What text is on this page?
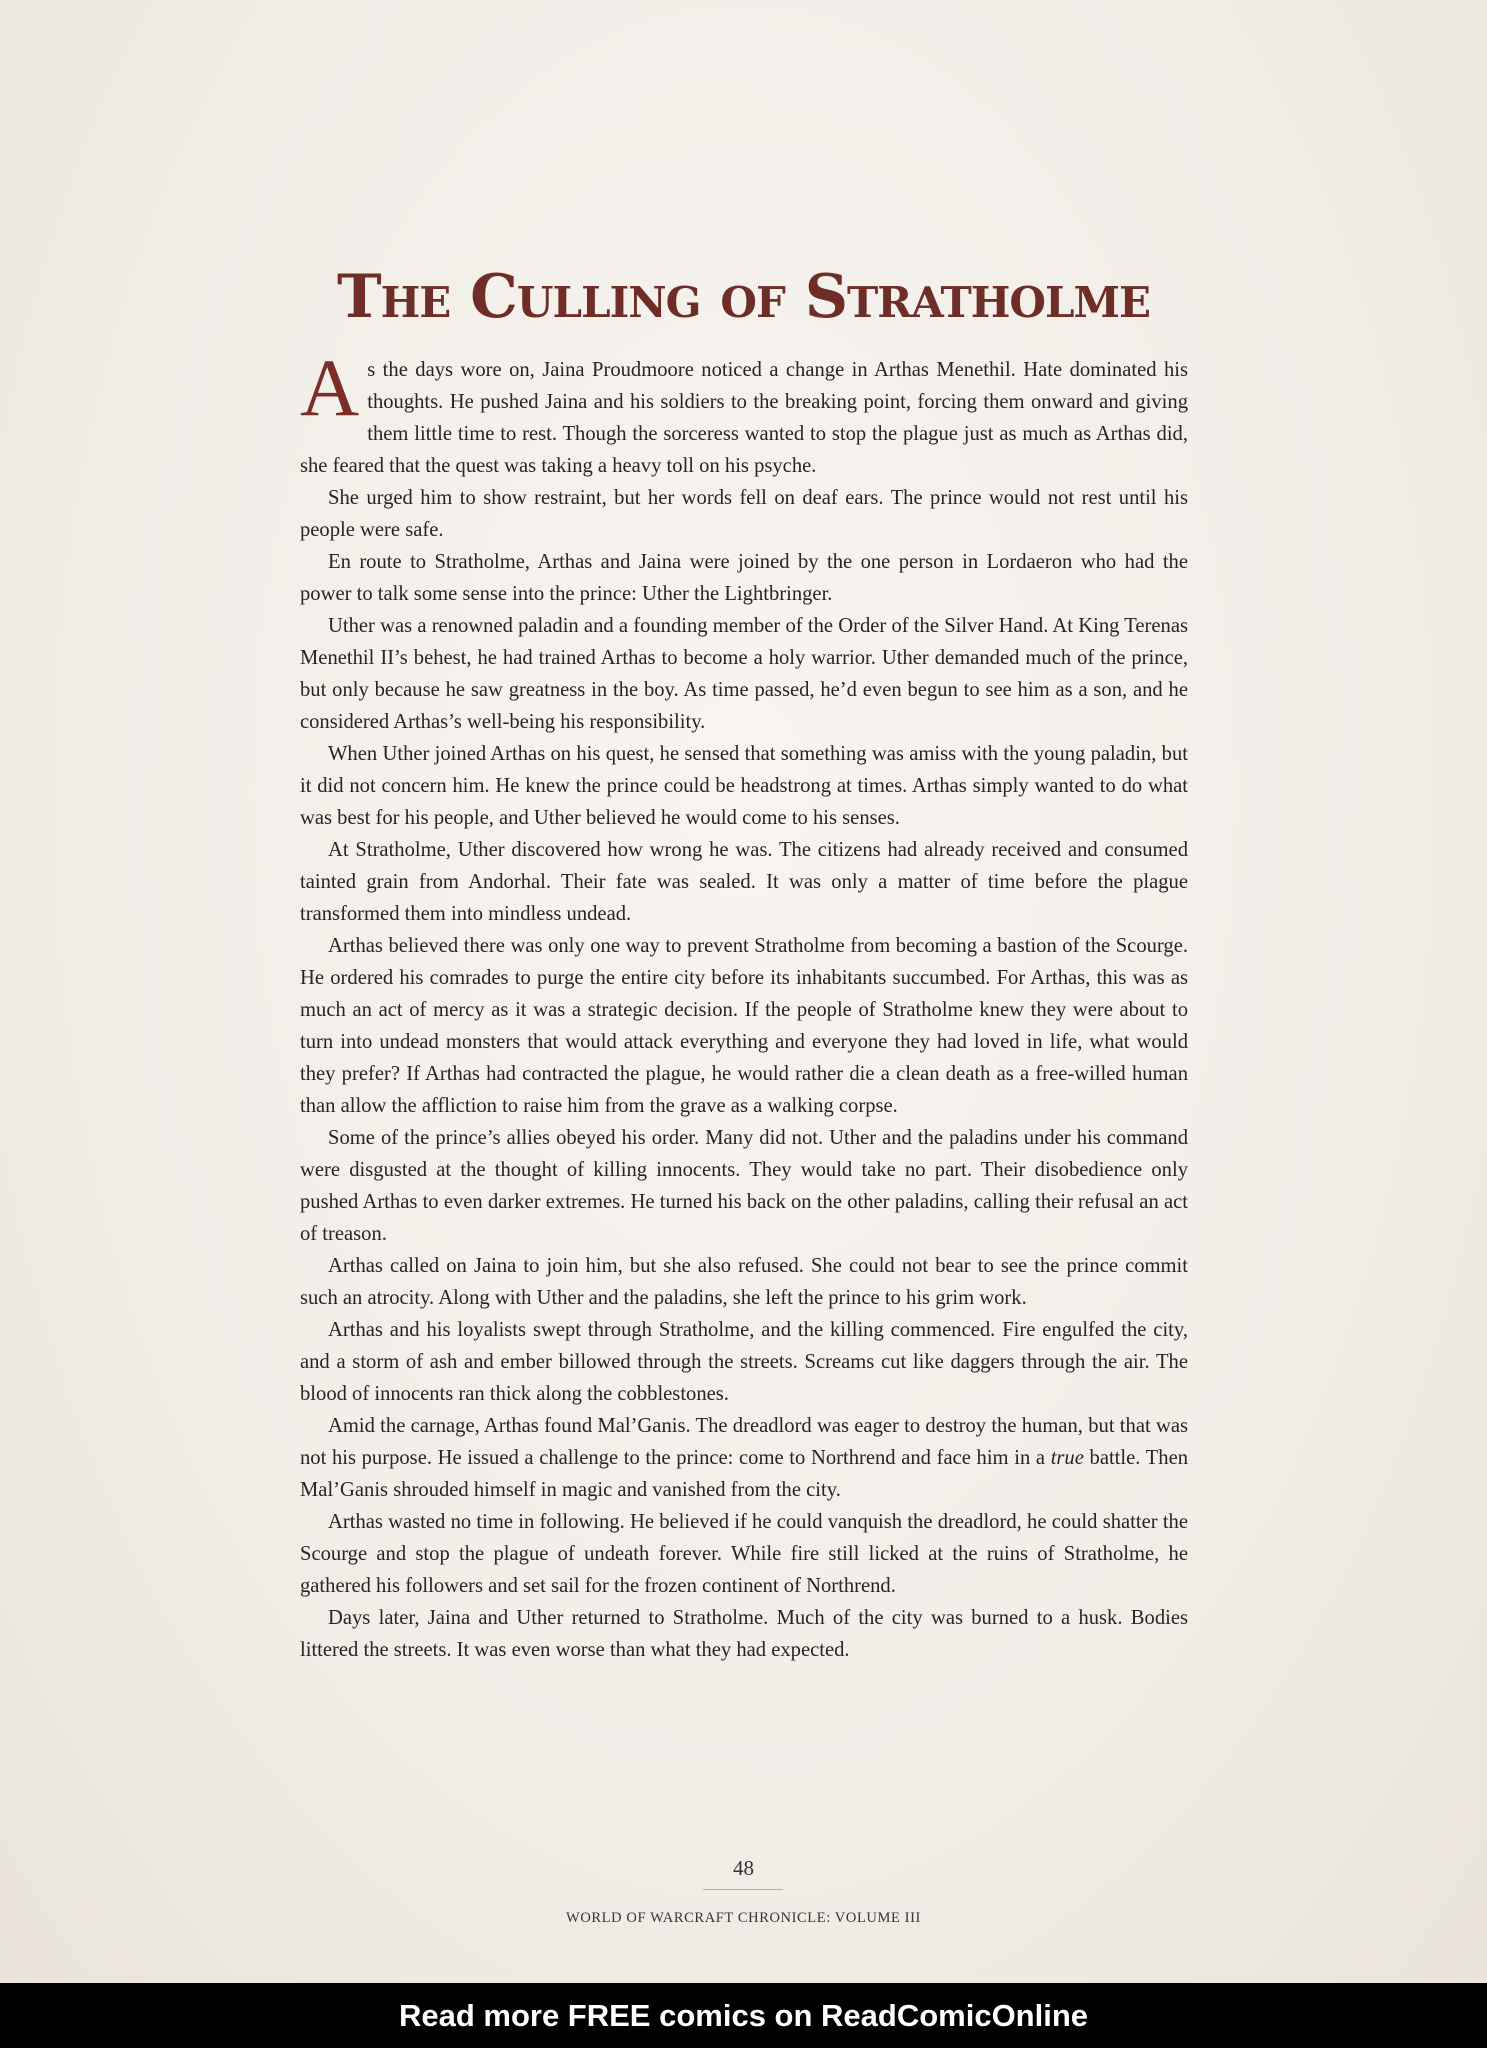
The Culling of Stratholme

As the days wore on, Jaina Proudmoore noticed a change in Arthas Menethil. Hate dominated his thoughts. He pushed Jaina and his soldiers to the breaking point, forcing them onward and giving them little time to rest. Though the sorceress wanted to stop the plague just as much as Arthas did, she feared that the quest was taking a heavy toll on his psyche.

She urged him to show restraint, but her words fell on deaf ears. The prince would not rest until his people were safe.

En route to Stratholme, Arthas and Jaina were joined by the one person in Lordaeron who had the power to talk some sense into the prince: Uther the Lightbringer.

Uther was a renowned paladin and a founding member of the Order of the Silver Hand. At King Terenas Menethil II’s behest, he had trained Arthas to become a holy warrior. Uther demanded much of the prince, but only because he saw greatness in the boy. As time passed, he’d even begun to see him as a son, and he considered Arthas’s well-being his responsibility.

When Uther joined Arthas on his quest, he sensed that something was amiss with the young paladin, but it did not concern him. He knew the prince could be headstrong at times. Arthas simply wanted to do what was best for his people, and Uther believed he would come to his senses.

At Stratholme, Uther discovered how wrong he was. The citizens had already received and consumed tainted grain from Andorhal. Their fate was sealed. It was only a matter of time before the plague transformed them into mindless undead.

Arthas believed there was only one way to prevent Stratholme from becoming a bastion of the Scourge. He ordered his comrades to purge the entire city before its inhabitants succumbed. For Arthas, this was as much an act of mercy as it was a strategic decision. If the people of Stratholme knew they were about to turn into undead monsters that would attack everything and everyone they had loved in life, what would they prefer? If Arthas had contracted the plague, he would rather die a clean death as a free-willed human than allow the affliction to raise him from the grave as a walking corpse.

Some of the prince’s allies obeyed his order. Many did not. Uther and the paladins under his command were disgusted at the thought of killing innocents. They would take no part. Their disobedience only pushed Arthas to even darker extremes. He turned his back on the other paladins, calling their refusal an act of treason.

Arthas called on Jaina to join him, but she also refused. She could not bear to see the prince commit such an atrocity. Along with Uther and the paladins, she left the prince to his grim work.

Arthas and his loyalists swept through Stratholme, and the killing commenced. Fire engulfed the city, and a storm of ash and ember billowed through the streets. Screams cut like daggers through the air. The blood of innocents ran thick along the cobblestones.

Amid the carnage, Arthas found Mal’Ganis. The dreadlord was eager to destroy the human, but that was not his purpose. He issued a challenge to the prince: come to Northrend and face him in a true battle. Then Mal’Ganis shrouded himself in magic and vanished from the city.

Arthas wasted no time in following. He believed if he could vanquish the dreadlord, he could shatter the Scourge and stop the plague of undeath forever. While fire still licked at the ruins of Stratholme, he gathered his followers and set sail for the frozen continent of Northrend.

Days later, Jaina and Uther returned to Stratholme. Much of the city was burned to a husk. Bodies littered the streets. It was even worse than what they had expected.

48
WORLD OF WARCRAFT CHRONICLE: VOLUME III
Read more FREE comics on ReadComicOnline
